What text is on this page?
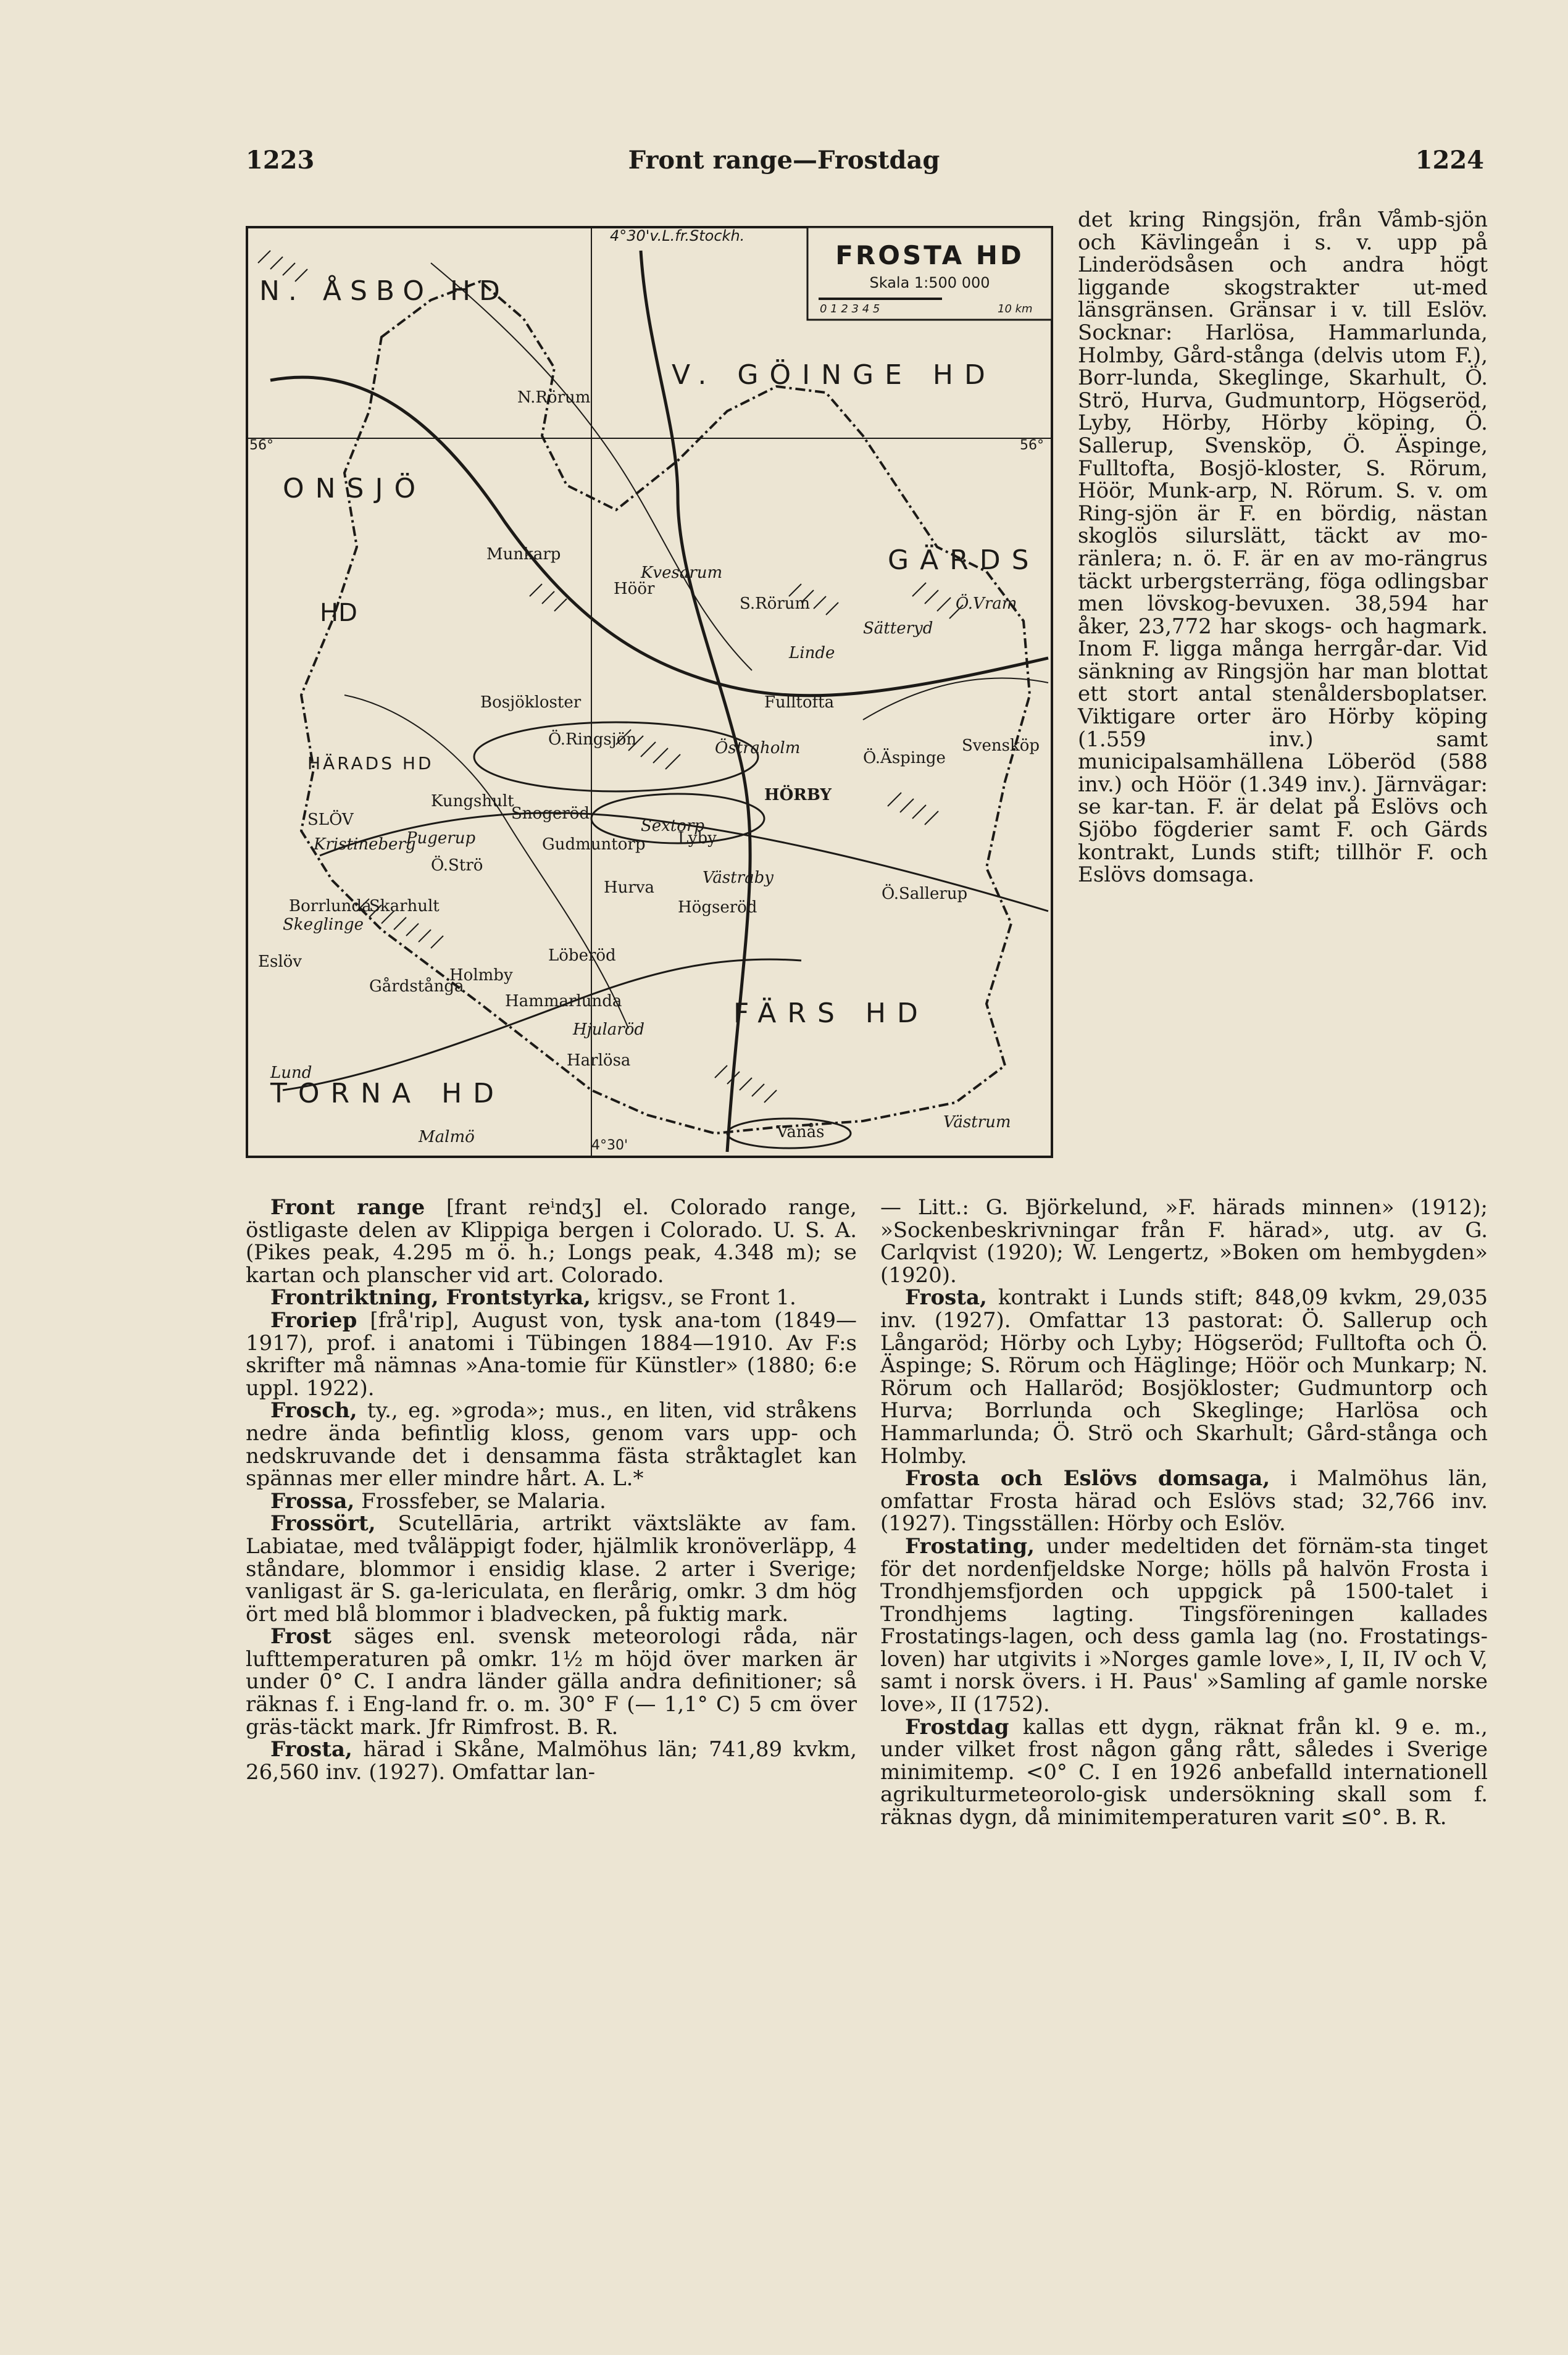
1223	Front range—Frostdag	1224
FROSTA HD
Skala 1:500 000
0 1 2 3 4 5	10 km
4°30'v.L.fr.Stockh.
4°30'
56°	56°
N. ÅSBO HD
V. GÖINGE HD
ONSJÖ
HD
GÄRDS
HÄRADS HD
FÄRS HD
TORNA HD
N.Rörum
Munkarp
Höör
Kvesarum
S.Rörum
Bosjökloster	Fulltofta
Ö.Ringsjön	Östraholm
Ö.Äspinge
Svensköp
Kungshult	HÖRBY
SLÖV
Pugerup
Snogeröd
Sextorp
Lyby
Gudmuntorp
Kristineberg
Ö.Strö
Hurva
Västraby
Högseröd
Ö.Sallerup
Borrlunda
Skarhult
Skeglinge
Löberöd
Gårdstånga
Hammarlunda
Holmby
Hjularöd
Harlösa
Vanås
Eslöv
Lund
Malmö
Linde
Sätteryd
Ö.Vram
Västrum

det kring Ringsjön, från Våmb-sjön och Kävlingeån i s. v. upp på Linderödsåsen och andra högt liggande skogstrakter ut-med länsgränsen. Gränsar i v. till Eslöv. Socknar: Harlösa, Hammarlunda, Holmby, Gård-stånga (delvis utom F.), Borr-lunda, Skeglinge, Skarhult, Ö. Strö, Hurva, Gudmuntorp, Högseröd, Lyby, Hörby, Hörby köping, Ö. Sallerup, Svensköp, Ö. Äspinge, Fulltofta, Bosjö-kloster, S. Rörum, Höör, Munk-arp, N. Rörum. S. v. om Ring-sjön är F. en bördig, nästan skoglös silurslätt, täckt av mo-ränlera; n. ö. F. är en av mo-rängrus täckt urbergsterräng, föga odlingsbar men lövskog-bevuxen. 38,594 har åker, 23,772 har skogs- och hagmark. Inom F. ligga många herrgår-dar. Vid sänkning av Ringsjön har man blottat ett stort antal stenåldersboplatser. Viktigare orter äro Hörby köping (1.559 inv.) samt municipalsamhällena Löberöd (588 inv.) och Höör (1.349 inv.). Järnvägar: se kar-tan. F. är delat på Eslövs och Sjöbo fögderier samt F. och Gärds kontrakt, Lunds stift; tillhör F. och Eslövs domsaga.

Front range [frant reⁱndʒ] el. Colorado range, östligaste delen av Klippiga bergen i Colorado. U. S. A. (Pikes peak, 4.295 m ö. h.; Longs peak, 4.348 m); se kartan och planscher vid art. Colorado.

Frontriktning, Frontstyrka, krigsv., se Front 1.

Froriep [frå'rip], August von, tysk ana-tom (1849—1917), prof. i anatomi i Tübingen 1884—1910. Av F:s skrifter må nämnas »Ana-tomie für Künstler» (1880; 6:e uppl. 1922).

Frosch, ty., eg. »groda»; mus., en liten, vid stråkens nedre ända befintlig kloss, genom vars upp- och nedskruvande det i densamma fästa stråktaglet kan spännas mer eller mindre hårt. A. L.*

Frossa, Frossfeber, se Malaria.

Frossört, Scutellāria, artrikt växtsläkte av fam. Labiatae, med tvåläppigt foder, hjälmlik kronöverläpp, 4 ståndare, blommor i ensidig klase. 2 arter i Sverige; vanligast är S. ga-lericulata, en flerårig, omkr. 3 dm hög ört med blå blommor i bladvecken, på fuktig mark.

Frost säges enl. svensk meteorologi råda, när lufttemperaturen på omkr. 1½ m höjd över marken är under 0° C. I andra länder gälla andra definitioner; så räknas f. i Eng-land fr. o. m. 30° F (— 1,1° C) 5 cm över gräs-täckt mark. Jfr Rimfrost. B. R.

Frosta, härad i Skåne, Malmöhus län; 741,89 kvkm, 26,560 inv. (1927). Omfattar lan-

— Litt.: G. Björkelund, »F. härads minnen» (1912); »Sockenbeskrivningar från F. härad», utg. av G. Carlqvist (1920); W. Lengertz, »Boken om hembygden» (1920).

Frosta, kontrakt i Lunds stift; 848,09 kvkm, 29,035 inv. (1927). Omfattar 13 pastorat: Ö. Sallerup och Långaröd; Hörby och Lyby; Högseröd; Fulltofta och Ö. Äspinge; S. Rörum och Häglinge; Höör och Munkarp; N. Rörum och Hallaröd; Bosjökloster; Gudmuntorp och Hurva; Borrlunda och Skeglinge; Harlösa och Hammarlunda; Ö. Strö och Skarhult; Gård-stånga och Holmby.

Frosta och Eslövs domsaga, i Malmöhus län, omfattar Frosta härad och Eslövs stad; 32,766 inv. (1927). Tingsställen: Hörby och Eslöv.

Frostating, under medeltiden det förnäm-sta tinget för det nordenfjeldske Norge; hölls på halvön Frosta i Trondhjemsfjorden och uppgick på 1500-talet i Trondhjems lagting. Tingsföreningen kallades Frostatings-lagen, och dess gamla lag (no. Frostatings-loven) har utgivits i »Norges gamle love», I, II, IV och V, samt i norsk övers. i H. Paus' »Samling af gamle norske love», II (1752).

Frostdag kallas ett dygn, räknat från kl. 9 e. m., under vilket frost någon gång rått, således i Sverige minimitemp. <0° C. I en 1926 anbefalld internationell agrikulturmeteorolo-gisk undersökning skall som f. räknas dygn, då minimitemperaturen varit ≤0°. B. R.
